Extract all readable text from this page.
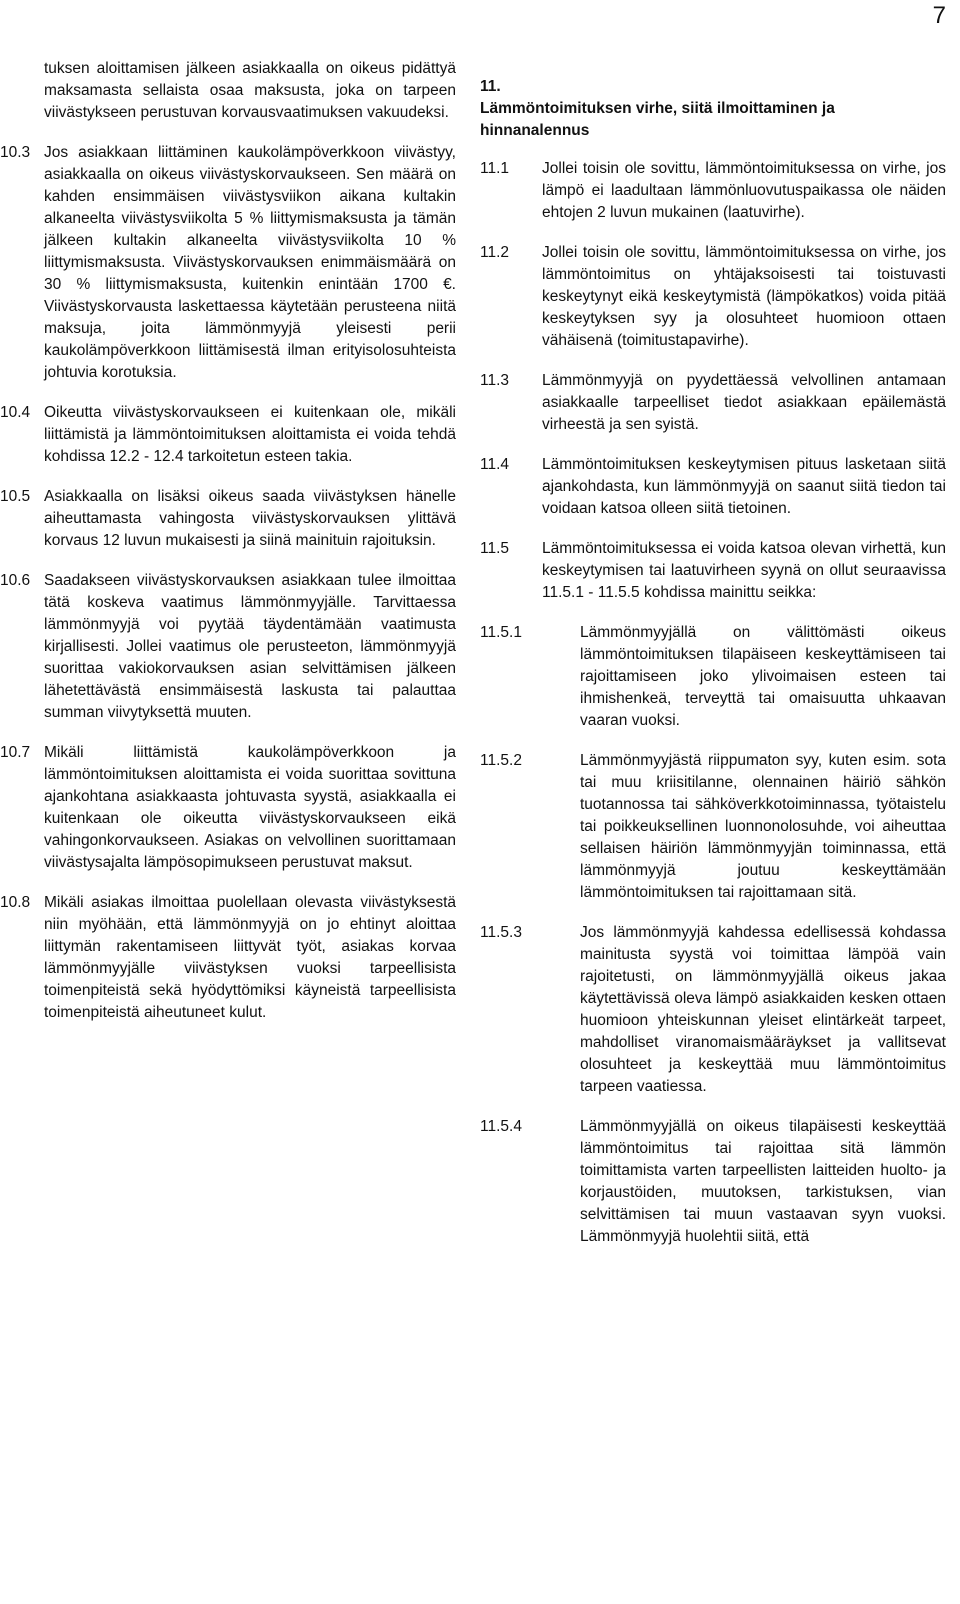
7
tuksen aloittamisen jälkeen asiakkaalla on oikeus pidättyä maksamasta sellaista osaa maksusta, joka on tarpeen viivästykseen perustuvan korvausvaatimuksen vakuudeksi.
10.3 Jos asiakkaan liittäminen kaukolämpöverkkoon viivästyy, asiakkaalla on oikeus viivästyskorvaukseen. Sen määrä on kahden ensimmäisen viivästysviikon aikana kultakin alkaneelta viivästysviikolta 5 % liittymismaksusta ja tämän jälkeen kultakin alkaneelta viivästysviikolta 10 % liittymismaksusta. Viivästyskorvauksen enimmäismäärä on 30 % liittymismaksusta, kuitenkin enintään 1700 €. Viivästyskorvausta laskettaessa käytetään perusteena niitä maksuja, joita lämmönmyyjä yleisesti perii kaukolämpöverkkoon liittämisestä ilman erityisolosuhteista johtuvia korotuksia.
10.4 Oikeutta viivästyskorvaukseen ei kuitenkaan ole, mikäli liittämistä ja lämmöntoimituksen aloittamista ei voida tehdä kohdissa 12.2 - 12.4 tarkoitetun esteen takia.
10.5 Asiakkaalla on lisäksi oikeus saada viivästyksen hänelle aiheuttamasta vahingosta viivästyskorvauksen ylittävä korvaus 12 luvun mukaisesti ja siinä mainituin rajoituksin.
10.6 Saadakseen viivästyskorvauksen asiakkaan tulee ilmoittaa tätä koskeva vaatimus lämmönmyyjälle. Tarvittaessa lämmönmyyjä voi pyytää täydentämään vaatimusta kirjallisesti. Jollei vaatimus ole perusteeton, lämmönmyyjä suorittaa vakiokorvauksen asian selvittämisen jälkeen lähetettävästä ensimmäisestä laskusta tai palauttaa summan viivytyksettä muuten.
10.7 Mikäli liittämistä kaukolämpöverkkoon ja lämmöntoimituksen aloittamista ei voida suorittaa sovittuna ajankohtana asiakkaasta johtuvasta syystä, asiakkaalla ei kuitenkaan ole oikeutta viivästyskorvaukseen eikä vahingonkorvaukseen. Asiakas on velvollinen suorittamaan viivästysajalta lämpösopimukseen perustuvat maksut.
10.8 Mikäli asiakas ilmoittaa puolellaan olevasta viivästyksestä niin myöhään, että lämmönmyyjä on jo ehtinyt aloittaa liittymän rakentamiseen liittyvät työt, asiakas korvaa lämmönmyyjälle viivästyksen vuoksi tarpeellisista toimenpiteistä sekä hyödyttömiksi käyneistä tarpeellisista toimenpiteistä aiheutuneet kulut.
11.
Lämmöntoimituksen virhe, siitä ilmoittaminen ja hinnanalennus
11.1	Jollei toisin ole sovittu, lämmöntoimituksessa on virhe, jos lämpö ei laadultaan lämmönluovutuspaikassa ole näiden ehtojen 2 luvun mukainen (laatuvirhe).
11.2	Jollei toisin ole sovittu, lämmöntoimituksessa on virhe, jos lämmöntoimitus on yhtäjaksoisesti tai toistuvasti keskeytynyt eikä keskeytymistä (lämpökatkos) voida pitää keskeytyksen syy ja olosuhteet huomioon ottaen vähäisenä (toimitustapavirhe).
11.3	Lämmönmyyjä on pyydettäessä velvollinen antamaan asiakkaalle tarpeelliset tiedot asiakkaan epäilemästä virheestä ja sen syistä.
11.4	Lämmöntoimituksen keskeytymisen pituus lasketaan siitä ajankohdasta, kun lämmönmyyjä on saanut siitä tiedon tai voidaan katsoa olleen siitä tietoinen.
11.5	Lämmöntoimituksessa ei voida katsoa olevan virhettä, kun keskeytymisen tai laatuvirheen syynä on ollut seuraavissa 11.5.1 - 11.5.5 kohdissa mainittu seikka:
11.5.1	Lämmönmyyjällä on välittömästi oikeus lämmöntoimituksen tilapäiseen keskeyttämiseen tai rajoittamiseen joko ylivoimaisen esteen tai ihmishenkeä, terveyttä tai omaisuutta uhkaavan vaaran vuoksi.
11.5.2	Lämmönmyyjästä riippumaton syy, kuten esim. sota tai muu kriisitilanne, olennainen häiriö sähkön tuotannossa tai sähköverkkotoiminnassa, työtaistelu tai poikkeuksellinen luonnonolosuhde, voi aiheuttaa sellaisen häiriön lämmönmyyjän toiminnassa, että lämmönmyyjä joutuu keskeyttämään lämmöntoimituksen tai rajoittamaan sitä.
11.5.3	Jos lämmönmyyjä kahdessa edellisessä kohdassa mainitusta syystä voi toimittaa lämpöä vain rajoitetusti, on lämmönmyyjällä oikeus jakaa käytettävissä oleva lämpö asiakkaiden kesken ottaen huomioon yhteiskunnan yleiset elintärkeät tarpeet, mahdolliset viranomaismääräykset ja vallitsevat olosuhteet ja keskeyttää muu lämmöntoimitus tarpeen vaatiessa.
11.5.4	Lämmönmyyjällä on oikeus tilapäisesti keskeyttää lämmöntoimitus tai rajoittaa sitä lämmön toimittamista varten tarpeellisten laitteiden huolto- ja korjaustöiden, muutoksen, tarkistuksen, vian selvittämisen tai muun vastaavan syyn vuoksi. Lämmönmyyjä huolehtii siitä, että
